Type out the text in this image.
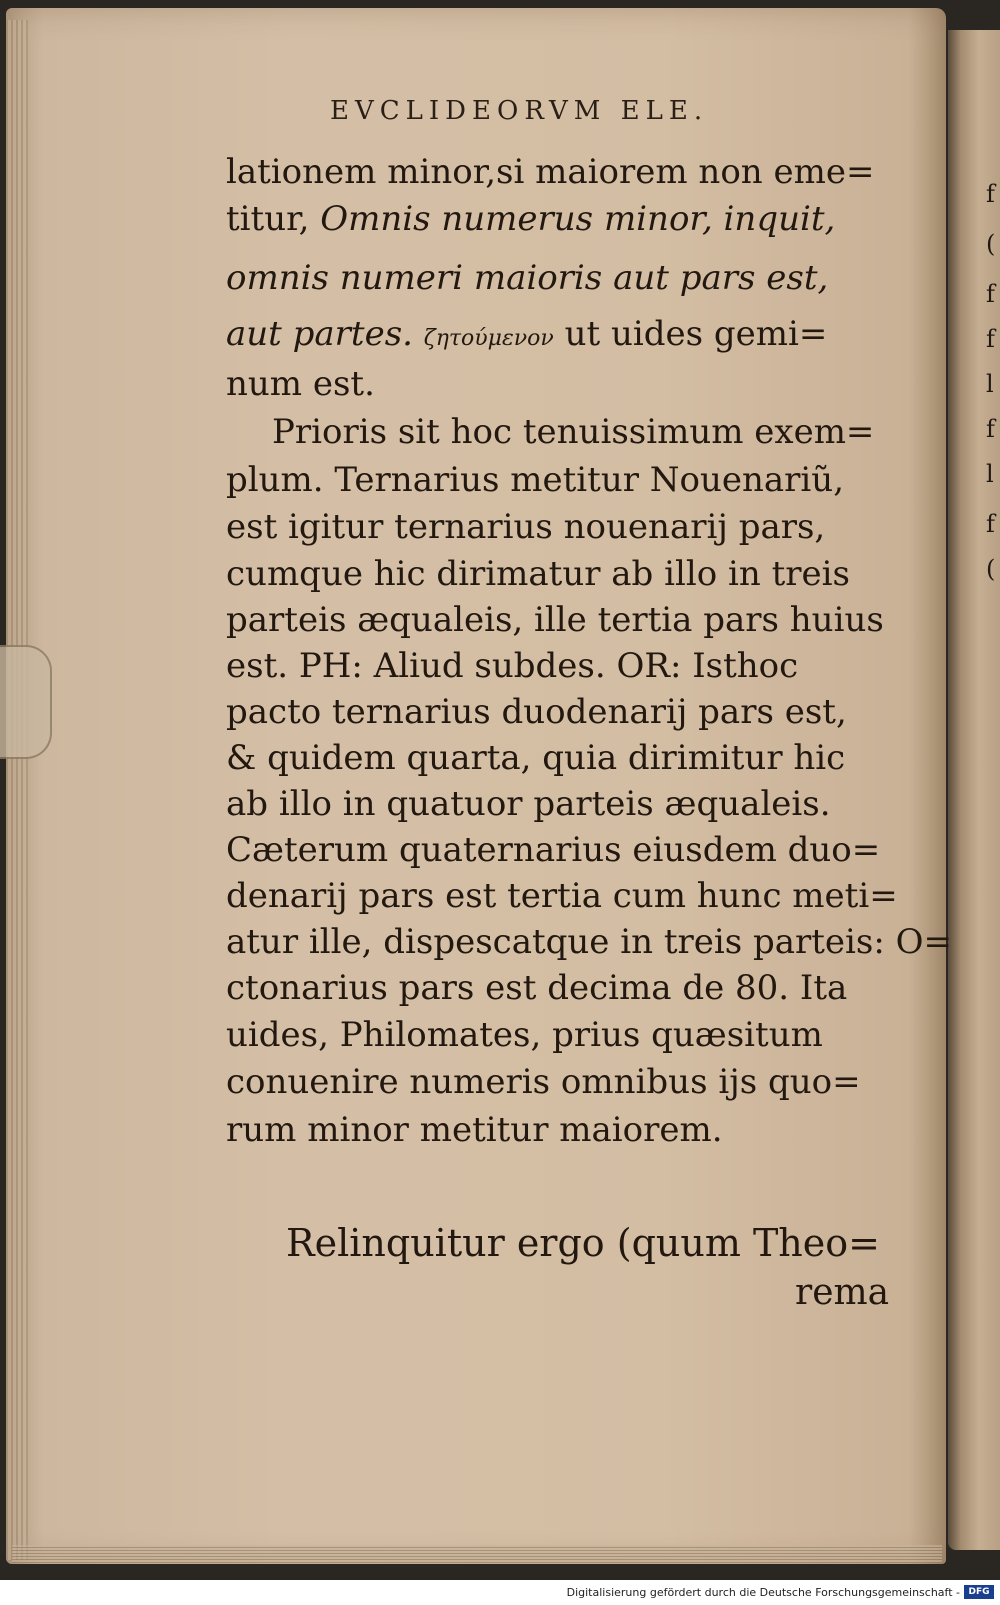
f
(
f
f
l
f
l
f
(
EVCLIDEORVM ELE.
lationem minor,si maiorem non eme=
titur, Omnis numerus minor, inquit,
omnis numeri maioris aut pars est,
aut partes. ζητούμενον ut uides gemi=
num est.
Prioris sit hoc tenuissimum exem=
plum. Ternarius metitur Nouenariũ,
est igitur ternarius nouenarij pars,
cumque hic dirimatur ab illo in treis
parteis æqualeis, ille tertia pars huius
est. PH: Aliud subdes. OR: Isthoc
pacto ternarius duodenarij pars est,
& quidem quarta, quia dirimitur hic
ab illo in quatuor parteis æqualeis.
Cæterum quaternarius eiusdem duo=
denarij pars est tertia cum hunc meti=
atur ille, dispescatque in treis parteis: O=
ctonarius pars est decima de 80. Ita
uides, Philomates, prius quæsitum
conuenire numeris omnibus ijs quo=
rum minor metitur maiorem.
Relinquitur ergo (quum Theo=
rema
Digitalisierung gefördert durch die Deutsche Forschungsgemeinschaft - DFG
